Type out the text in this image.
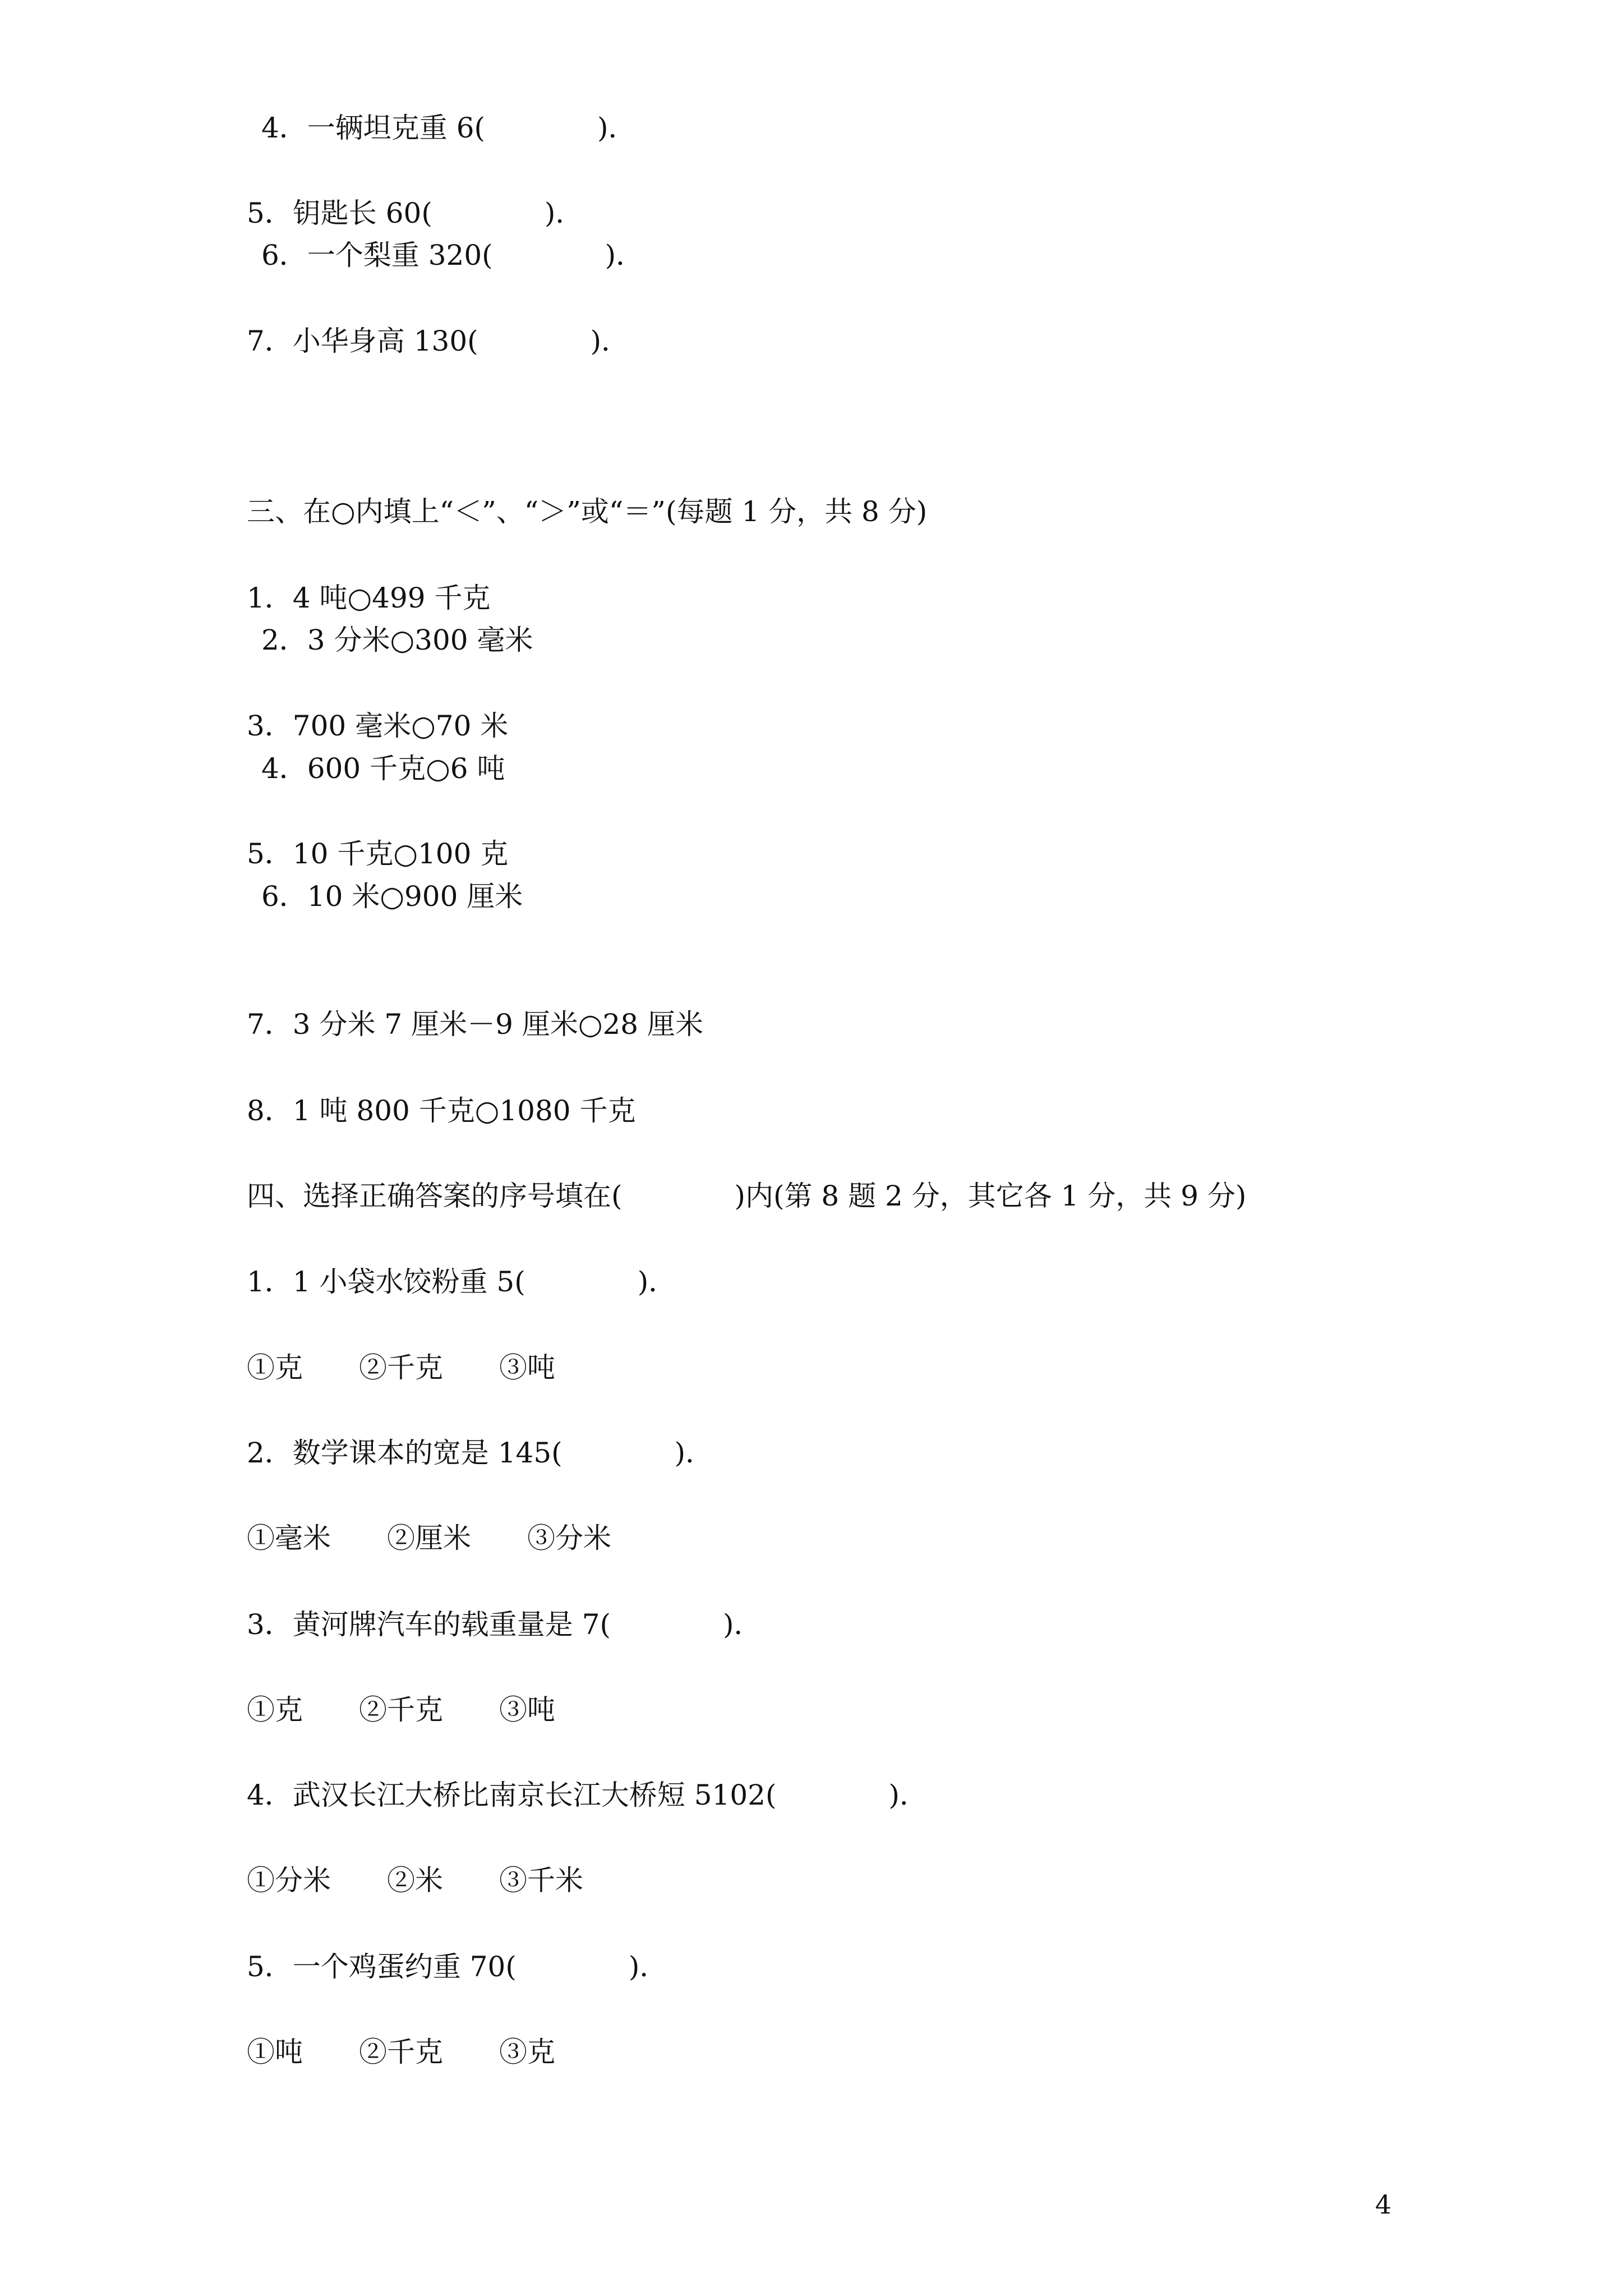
4．一辆坦克重 6(　　　　)．
5．钥匙长 60(　　　　)．
6．一个梨重 320(　　　　)．
7．小华身高 130(　　　　)．
三、在○内填上“＜”、“＞”或“＝”(每题 1 分，共 8 分)
1．4 吨○499 千克
2．3 分米○300 毫米
3．700 毫米○70 米
4．600 千克○6 吨
5．10 千克○100 克
6．10 米○900 厘米
7．3 分米 7 厘米－9 厘米○28 厘米
8．1 吨 800 千克○1080 千克
四、选择正确答案的序号填在(　　　　)内(第 8 题 2 分，其它各 1 分，共 9 分)
1．1 小袋水饺粉重 5(　　　　)．
①克　　②千克　　③吨
2．数学课本的宽是 145(　　　　)．
①毫米　　②厘米　　③分米
3．黄河牌汽车的载重量是 7(　　　　)．
①克　　②千克　　③吨
4．武汉长江大桥比南京长江大桥短 5102(　　　　)．
①分米　　②米　　③千米
5．一个鸡蛋约重 70(　　　　)．
①吨　　②千克　　③克
4
